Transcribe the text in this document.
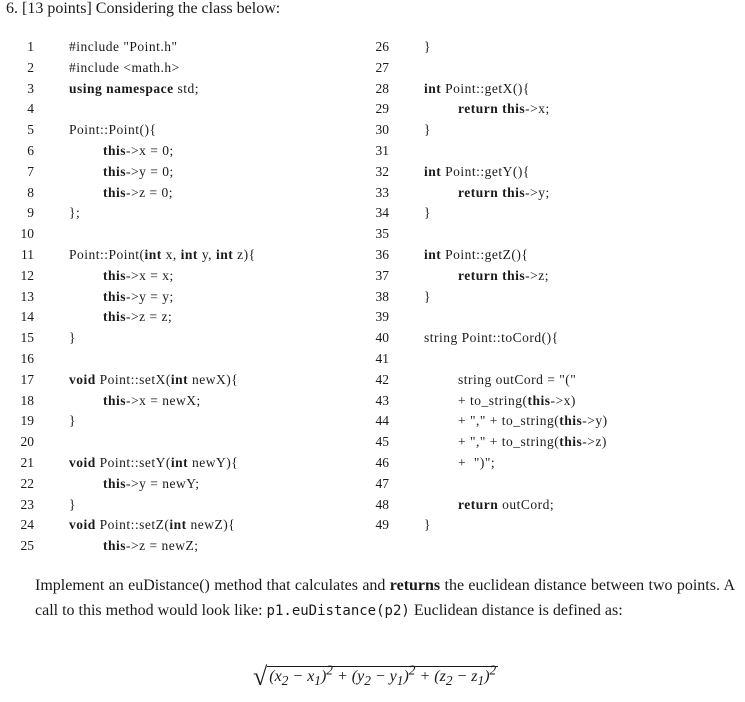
6. [13 points] Considering the class below:
1	#include "Point.h"
2	#include <math.h>
3	using namespace std;
4
5	Point::Point(){
6	this->x = 0;
7	this->y = 0;
8	this->z = 0;
9	};
10
11	Point::Point(int x, int y, int z){
12	this->x = x;
13	this->y = y;
14	this->z = z;
15	}
16
17	void Point::setX(int newX){
18	this->x = newX;
19	}
20
21	void Point::setY(int newY){
22	this->y = newY;
23	}
24	void Point::setZ(int newZ){
25	this->z = newZ;
26	}
27
28	int Point::getX(){
29	return this->x;
30	}
31
32	int Point::getY(){
33	return this->y;
34	}
35
36	int Point::getZ(){
37	return this->z;
38	}
39
40	string Point::toCord(){
41
42	string outCord = "("
43	+ to_string(this->x)
44	+ "," + to_string(this->y)
45	+ "," + to_string(this->z)
46	+  ")";
47
48	return outCord;
49	}
Implement an euDistance() method that calculates and returns the euclidean distance between two points. A call to this method would look like: p1.euDistance(p2) Euclidean distance is defined as:
√ $(x_2 - x_1)^2 + (y_2 - y_1)^2 + (z_2 - z_1)^2$
